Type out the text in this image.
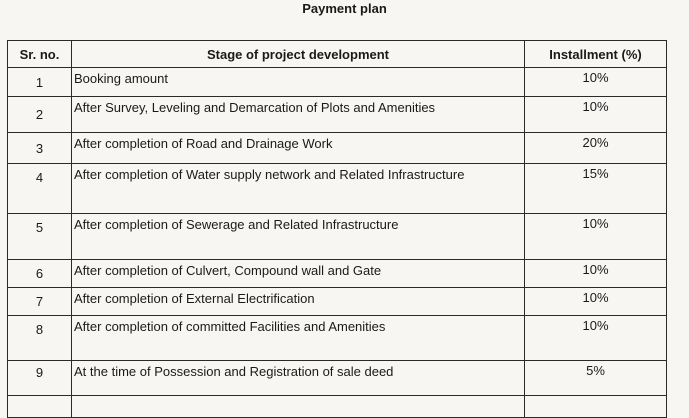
Payment plan
Sr. no.	Stage of project development	Installment (%)
1	Booking amount	10%
2	After Survey, Leveling and Demarcation of Plots and Amenities	10%
3	After completion of Road and Drainage Work	20%
4	After completion of Water supply network and Related Infrastructure	15%
5	After completion of Sewerage and Related Infrastructure	10%
6	After completion of Culvert, Compound wall and Gate	10%
7	After completion of External Electrification	10%
8	After completion of committed Facilities and Amenities	10%
9	At the time of Possession and Registration of sale deed	5%
